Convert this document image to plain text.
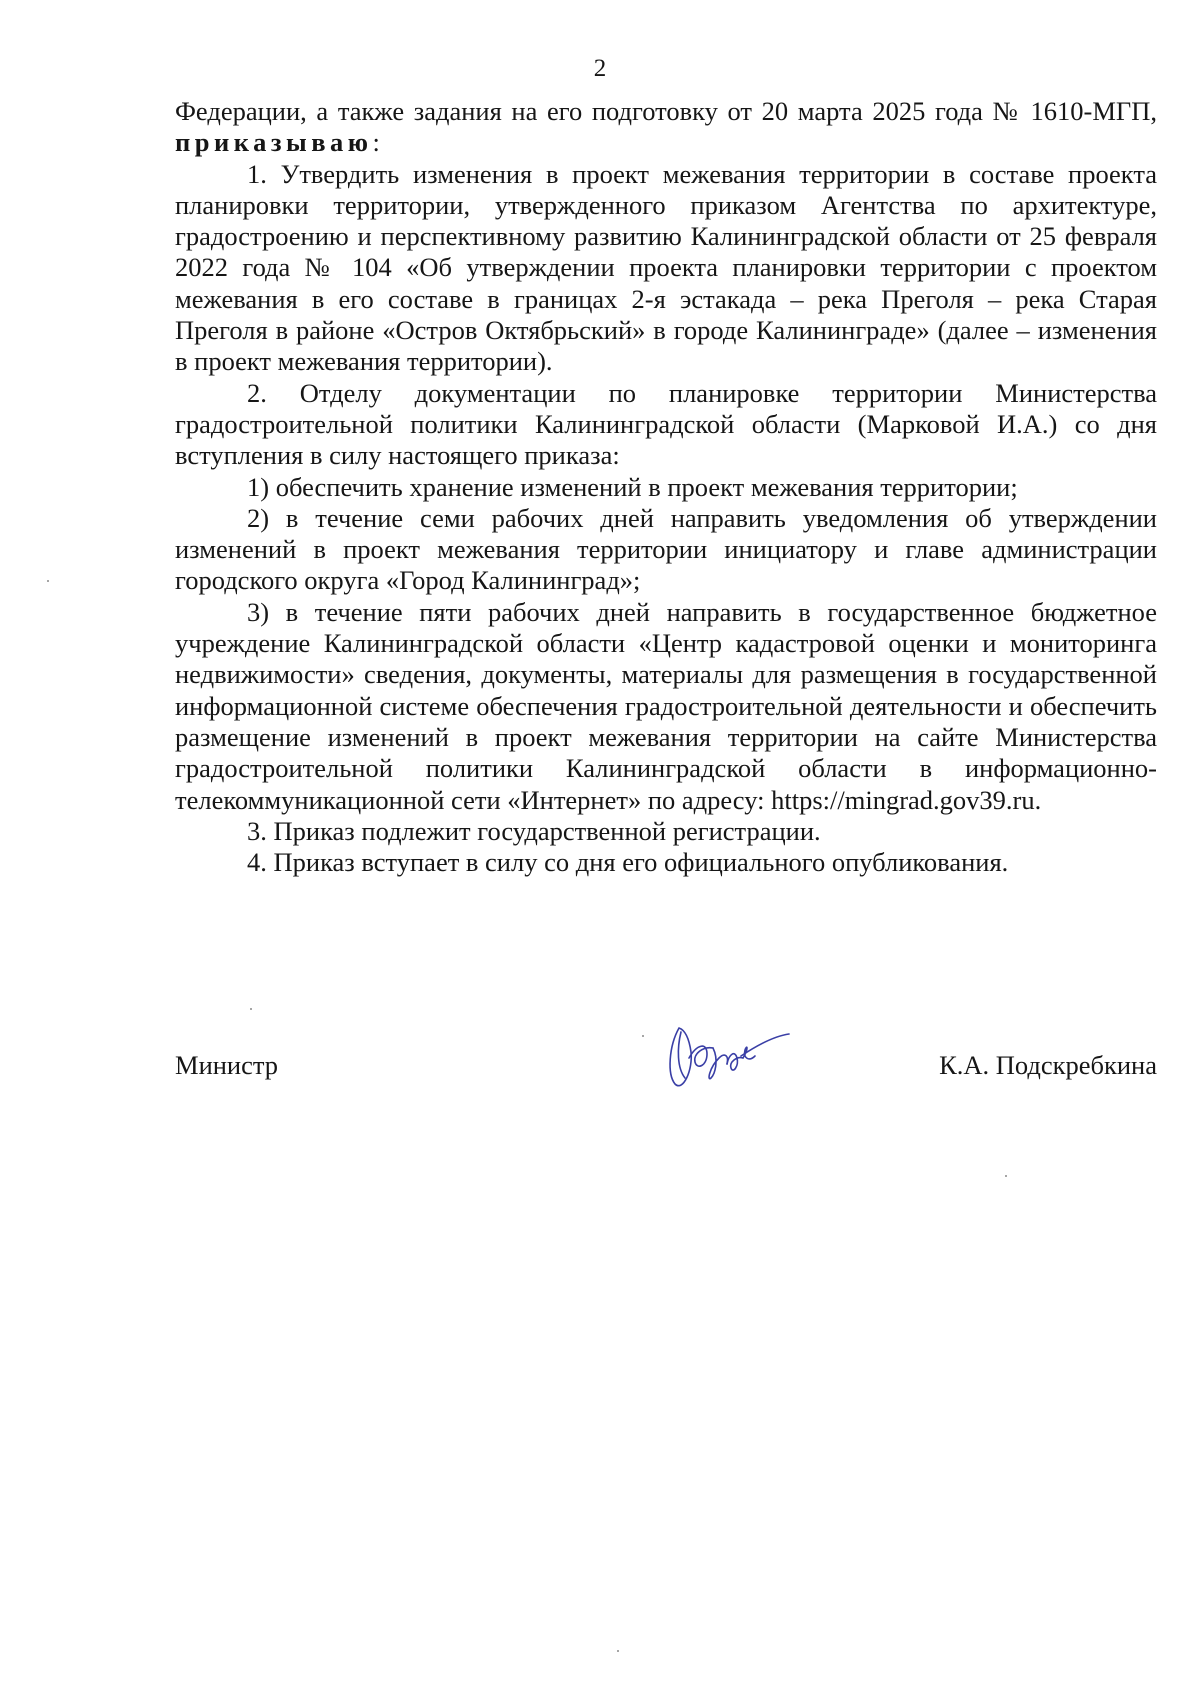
2

Федерации, а также задания на его подготовку от 20 марта 2025 года № 1610-МГП, приказываю:

1. Утвердить изменения в проект межевания территории в составе проекта планировки территории, утвержденного приказом Агентства по архитектуре, градостроению и перспективному развитию Калининградской области от 25 февраля 2022 года № 104 «Об утверждении проекта планировки территории с проектом межевания в его составе в границах 2-я эстакада – река Преголя – река Старая Преголя в районе «Остров Октябрьский» в городе Калининграде» (далее – изменения в проект межевания территории).

2. Отделу документации по планировке территории Министерства градостроительной политики Калининградской области (Марковой И.А.) со дня вступления в силу настоящего приказа:

1) обеспечить хранение изменений в проект межевания территории;

2) в течение семи рабочих дней направить уведомления об утверждении изменений в проект межевания территории инициатору и главе администрации городского округа «Город Калининград»;

3) в течение пяти рабочих дней направить в государственное бюджетное учреждение Калининградской области «Центр кадастровой оценки и мониторинга недвижимости» сведения, документы, материалы для размещения в государственной информационной системе обеспечения градостроительной деятельности и обеспечить размещение изменений в проект межевания территории на сайте Министерства градостроительной политики Калининградской области в информационно-телекоммуникационной сети «Интернет» по адресу: https://mingrad.gov39.ru.

3. Приказ подлежит государственной регистрации.

4. Приказ вступает в силу со дня его официального опубликования.

Министр	К.А. Подскребкина
